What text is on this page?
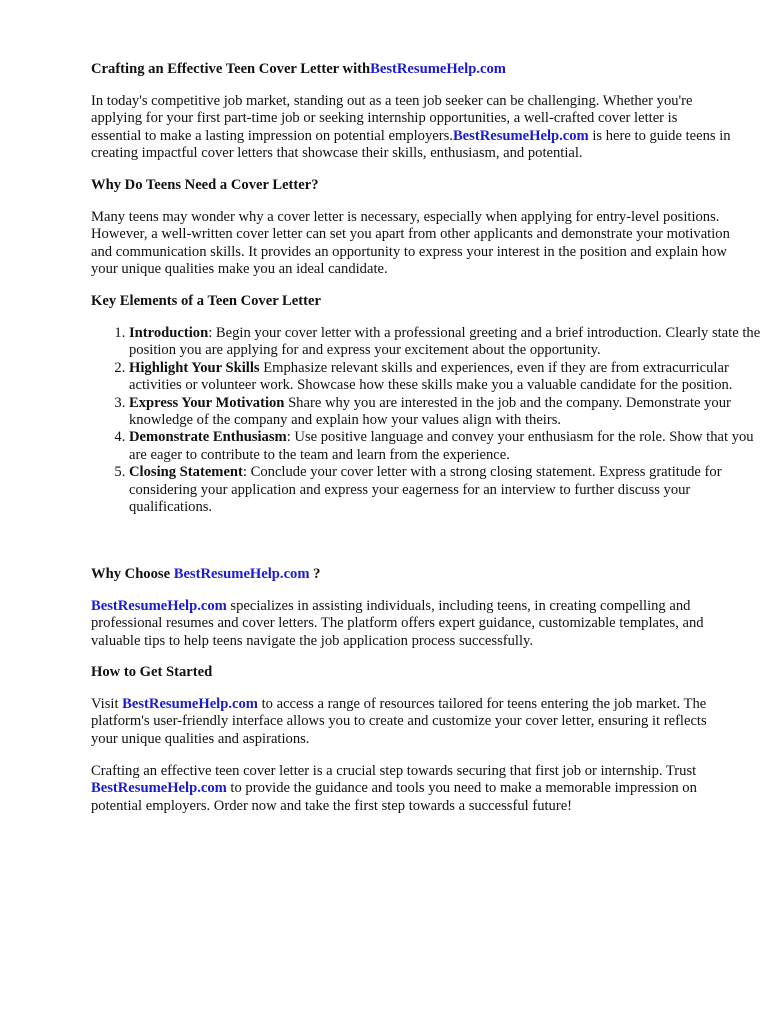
Crafting an Effective Teen Cover Letter withBestResumeHelp.com

In today's competitive job market, standing out as a teen job seeker can be challenging. Whether you're applying for your first part-time job or seeking internship opportunities, a well-crafted cover letter is essential to make a lasting impression on potential employers.BestResumeHelp.com is here to guide teens in creating impactful cover letters that showcase their skills, enthusiasm, and potential.

Why Do Teens Need a Cover Letter?

Many teens may wonder why a cover letter is necessary, especially when applying for entry-level positions. However, a well-written cover letter can set you apart from other applicants and demonstrate your motivation and communication skills. It provides an opportunity to express your interest in the position and explain how your unique qualities make you an ideal candidate.

Key Elements of a Teen Cover Letter

1. Introduction: Begin your cover letter with a professional greeting and a brief introduction. Clearly state the position you are applying for and express your excitement about the opportunity.
2. Highlight Your Skills Emphasize relevant skills and experiences, even if they are from extracurricular activities or volunteer work. Showcase how these skills make you a valuable candidate for the position.
3. Express Your Motivation Share why you are interested in the job and the company. Demonstrate your knowledge of the company and explain how your values align with theirs.
4. Demonstrate Enthusiasm: Use positive language and convey your enthusiasm for the role. Show that you are eager to contribute to the team and learn from the experience.
5. Closing Statement: Conclude your cover letter with a strong closing statement. Express gratitude for considering your application and express your eagerness for an interview to further discuss your qualifications.

Why Choose BestResumeHelp.com ?

BestResumeHelp.com specializes in assisting individuals, including teens, in creating compelling and professional resumes and cover letters. The platform offers expert guidance, customizable templates, and valuable tips to help teens navigate the job application process successfully.

How to Get Started

Visit BestResumeHelp.com to access a range of resources tailored for teens entering the job market. The platform's user-friendly interface allows you to create and customize your cover letter, ensuring it reflects your unique qualities and aspirations.

Crafting an effective teen cover letter is a crucial step towards securing that first job or internship. Trust BestResumeHelp.com to provide the guidance and tools you need to make a memorable impression on potential employers. Order now and take the first step towards a successful future!
